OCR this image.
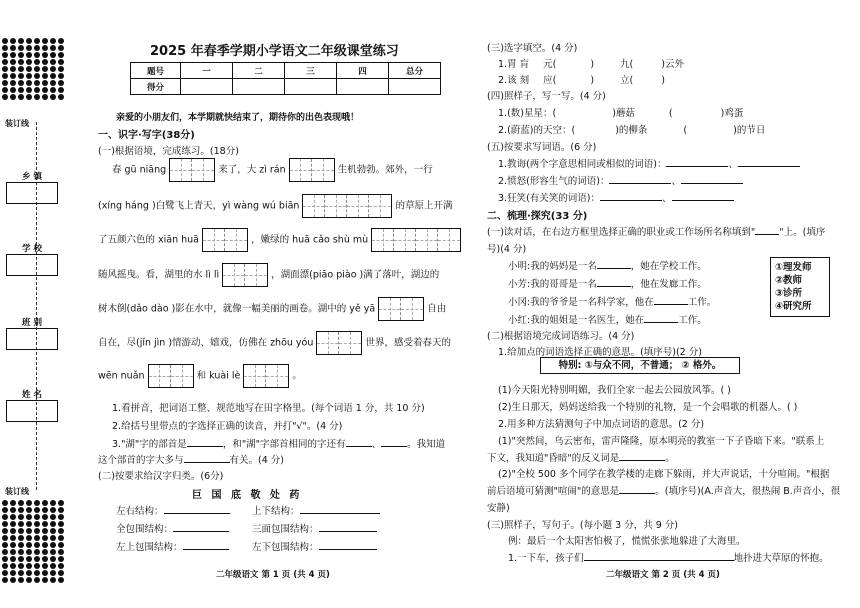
装订线
装订线
乡 镇
学 校
班 别
姓 名
2025 年春季学期小学语文二年级课堂练习
题号	一	二	三	四	总分
得分					
亲爱的小朋友们，本学期就快结束了，期待你的出色表现哦！
一、识字·写字(38分)
(一)根据语境，完成练习。(18分)
春 gū niāng	来了，大 zì rán	生机勃勃。郊外，一行
(xíng háng )白鹭飞上青天，yì wàng wú biān	的草原上开满
了五颜六色的 xiān huā	，嫩绿的 huā cǎo shù mù
随风摇曳。看，湖里的水 lì lì	，湖面漂(piāo piào )满了落叶，湖边的
树木倒(dǎo dào )影在水中，就像一幅美丽的画卷。湖中的 yě yā	自由
自在，尽(jǐn jìn )情游动、嬉戏，仿佛在 zhōu yóu	世界，感受着春天的
wēn nuǎn	和 kuài lè	。
1.看拼音，把词语工整、规范地写在田字格里。(每个词语 1 分，共 10 分)
2.给括号里带点的字选择正确的读音，并打"√"。(4 分)
3."湖"字的部首是	，和"湖"字部首相同的字还有	、	。我知道
这个部首的字大多与	有关。(4 分)
(二)按要求给汉字归类。(6分)
巨 国 底 敬 处 药
左右结构：	上下结构：
全包围结构：	三面包围结构：
左上包围结构：	左下包围结构：
二年级语文 第 1 页 (共 4 页)
(三)选字填空。(4 分)
1.胃 肓 元(	)	九(	)云外
2.该 刻 应(	)	立(	)
(四)照样子，写一写。(4 分)
1.(数)星星：(	)蘑菇	(	)鸡蛋
2.(蔚蓝)的天空：(	)的柳条	(	)的节日
(五)按要求写词语。(6 分)
1.教诲(两个字意思相同或相似的词语)：	、
2.愤怒(形容生气的词语)：	、
3.狂笑(有关笑的词语)：	、
二、梳理·探究(33 分)
(一)读对话，在右边方框里选择正确的职业或工作场所名称填到"	"上。(填序
号)(4 分)
小明:我的妈妈是一名	，她在学校工作。
小芳:我的哥哥是一名	，他在发廊工作。
小冈:我的爷爷是一名科学家，他在	工作。
小红:我的姐姐是一名医生，她在	工作。
①理发师
②教师
③诊所
④研究所
(二)根据语境完成词语练习。(4 分)
1.给加点的词语选择正确的意思。(填序号)(2 分)
特别: ①与众不同，不普通； ② 格外。
(1)今天阳光特别明媚，我们全家一起去公园放风筝。( )
(2)生日那天，妈妈送给我一个特别的礼物，是一个会唱歌的机器人。( )
2.用多种方法猜测句子中加点词语的意思。(2 分)
(1)"突然间，乌云密布，雷声隆隆，原本明亮的教室一下子昏暗下来。"联系上
下文，我知道"昏暗"的反义词是	。
(2)"全校 500 多个同学在教学楼的走廊下躲雨，并大声说话，十分喧闹。"根据
前后语境可猜测"喧闹"的意思是	。(填序号)(A.声音大，很热闹 B.声音小，很
安静)
(三)照样子，写句子。(每小题 3 分，共 9 分)
例：最后一个太阳害怕极了，慌慌张张地躲进了大海里。
1.一下车，孩子们	地扑进大草原的怀抱。
二年级语文 第 2 页 (共 4 页)
